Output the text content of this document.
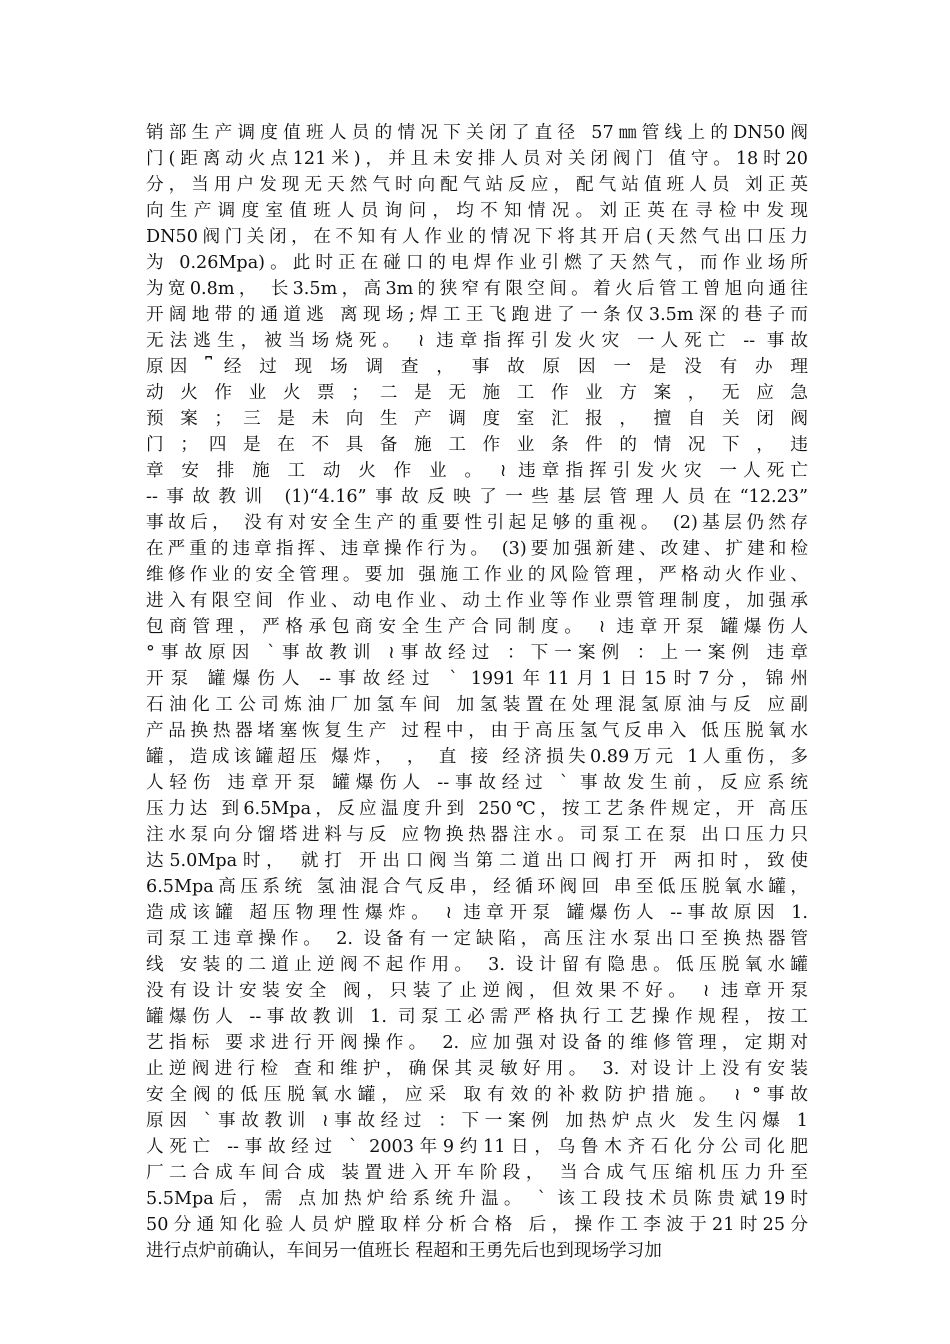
销部生产调度值班人员的情况下关闭了直径 57㎜管线上的DN50阀
门(距离动火点121米)，并且未安排人员对关闭阀门 值守。18时20
分，当用户发现无天然气时向配气站反应，配气站值班人员 刘正英
向生产调度室值班人员询问，均不知情况。刘正英在寻检中发现
DN50阀门关闭，在不知有人作业的情况下将其开启(天然气出口压力
为 0.26Mpa)。此时正在碰口的电焊作业引燃了天然气，而作业场所
为宽0.8m， 长3.5m，高3m的狭窄有限空间。着火后管工曾旭向通往
开阔地带的通道逃 离现场;焊工王飞跑进了一条仅3.5m深的巷子而
无法逃生，被当场烧死。 ≀ 违章指挥引发火灾 一人死亡 -- 事故
原因 ⎴ 经 过 现 场 调 查 ， 事 故 原 因 一 是 没 有 办 理
动 火 作 业 火 票 ； 二 是 无 施 工 作 业 方 案 ， 无 应 急
预 案 ； 三 是 未 向 生 产 调 度 室 汇 报 ， 擅 自 关 闭 阀
门 ； 四 是 在 不 具 备 施 工 作 业 条 件 的 情 况 下 ， 违
章 安 排 施 工 动 火 作 业 。 ≀ 违章指挥引发火灾 一人死亡
--事故教训 (1)“4.16”事故反映了一些基层管理人员在“12.23”
事故后， 没有对安全生产的重要性引起足够的重视。 (2)基层仍然存
在严重的违章指挥、违章操作行为。 (3)要加强新建、改建、扩建和检
维修作业的安全管理。要加 强施工作业的风险管理，严格动火作业、
进入有限空间 作业、动电作业、动土作业等作业票管理制度，加强承
包商管理，严格承包商安全生产合同制度。 ≀ 违章开泵 罐爆伤人
°事故原因 `事故教训 ≀事故经过 ：下一案例 ：上一案例 违章
开泵 罐爆伤人 --事故经过 ` 1991年11月1日15时7分，锦州
石油化工公司炼油厂加氢车间 加氢装置在处理混氢原油与反 应副
产品换热器堵塞恢复生产 过程中，由于高压氢气反串入 低压脱氧水
罐，造成该罐超压 爆炸， ， 直 接 经济损失0.89万元 1人重伤，多
人轻伤 违章开泵 罐爆伤人 --事故经过 ` 事故发生前，反应系统
压力达 到6.5Mpa，反应温度升到 250℃，按工艺条件规定，开 高压
注水泵向分馏塔进料与反 应物换热器注水。司泵工在泵 出口压力只
达5.0Mpa时， 就打 开出口阀当第二道出口阀打开 两扣时，致使
6.5Mpa高压系统 氢油混合气反串，经循环阀回 串至低压脱氧水罐，
造成该罐 超压物理性爆炸。 ≀ 违章开泵 罐爆伤人 --事故原因 1.
司泵工违章操作。 2. 设备有一定缺陷，高压注水泵出口至换热器管
线 安装的二道止逆阀不起作用。 3. 设计留有隐患。低压脱氧水罐
没有设计安装安全 阀，只装了止逆阀，但效果不好。 ≀ 违章开泵
罐爆伤人 --事故教训 1. 司泵工必需严格执行工艺操作规程，按工
艺指标 要求进行开阀操作。 2. 应加强对设备的维修管理，定期对
止逆阀进行检 查和维护，确保其灵敏好用。 3. 对设计上没有安装
安全阀的低压脱氧水罐，应采 取有效的补救防护措施。 ≀ °事故
原因 `事故教训 ≀事故经过 ：下一案例 加热炉点火 发生闪爆 1
人死亡 --事故经过 ` 2003年9约11日，乌鲁木齐石化分公司化肥
厂二合成车间合成 装置进入开车阶段， 当合成气压缩机压力升至
5.5Mpa后，需 点加热炉给系统升温。 ` 该工段技术员陈贵斌19时
50分通知化验人员炉膛取样分析合格 后，操作工李波于21时25分
进行点炉前确认，车间另一值班长 程超和王勇先后也到现场学习加
